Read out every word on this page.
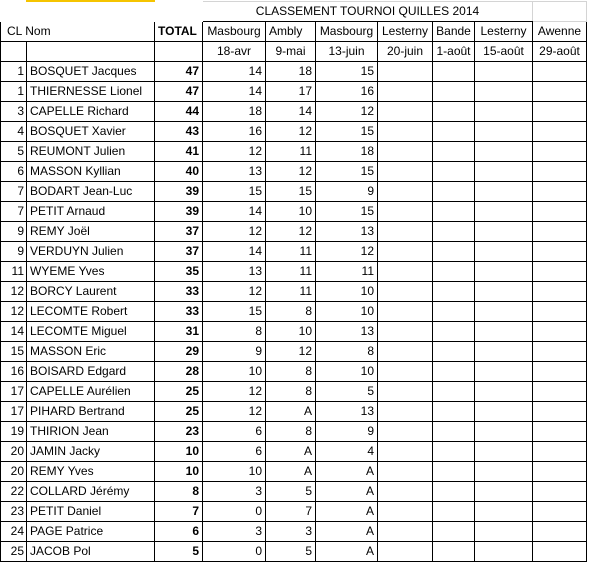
			CLASSEMENT TOURNOI QUILLES 2014						
CL Nom		TOTAL	Masbourg	Ambly	Masbourg	Lesterny	Bande	Lesterny	Awenne
			18-avr	9-mai	13-juin	20-juin	1-août	15-août	29-août
1	BOSQUET Jacques	47	14	18	15				
1	THIERNESSE Lionel	47	14	17	16				
3	CAPELLE Richard	44	18	14	12				
4	BOSQUET Xavier	43	16	12	15				
5	REUMONT Julien	41	12	11	18				
6	MASSON Kyllian	40	13	12	15				
7	BODART Jean-Luc	39	15	15	9				
7	PETIT Arnaud	39	14	10	15				
9	REMY Joël	37	12	12	13				
9	VERDUYN Julien	37	14	11	12				
11	WYEME Yves	35	13	11	11				
12	BORCY Laurent	33	12	11	10				
12	LECOMTE Robert	33	15	8	10				
14	LECOMTE Miguel	31	8	10	13				
15	MASSON Eric	29	9	12	8				
16	BOISARD Edgard	28	10	8	10				
17	CAPELLE Aurélien	25	12	8	5				
17	PIHARD Bertrand	25	12	A	13				
19	THIRION Jean	23	6	8	9				
20	JAMIN Jacky	10	6	A	4				
20	REMY Yves	10	10	A	A				
22	COLLARD Jérémy	8	3	5	A				
23	PETIT Daniel	7	0	7	A				
24	PAGE Patrice	6	3	3	A				
25	JACOB Pol	5	0	5	A				
